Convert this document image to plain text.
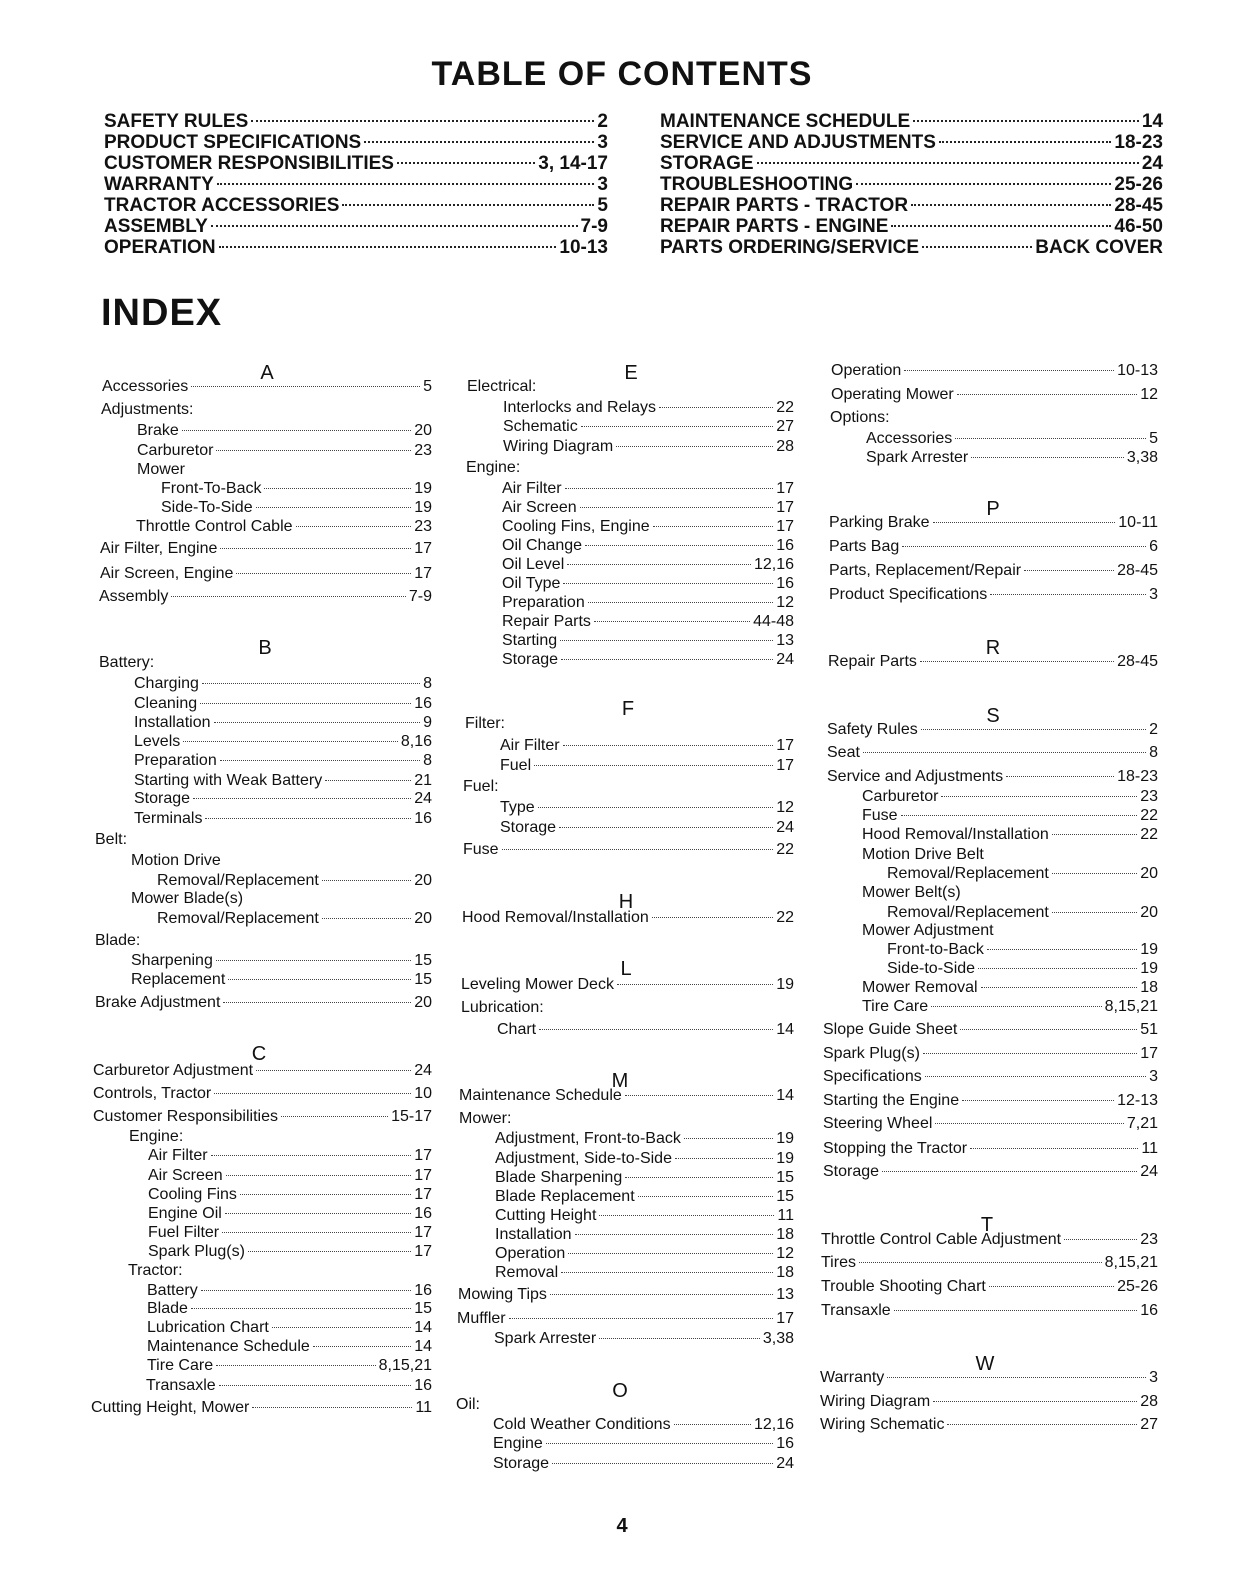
TABLE OF CONTENTS
SAFETY RULES	2
PRODUCT SPECIFICATIONS	3
CUSTOMER RESPONSIBILITIES	3, 14-17
WARRANTY	3
TRACTOR ACCESSORIES	5
ASSEMBLY	7-9
OPERATION	10-13
MAINTENANCE SCHEDULE	14
SERVICE AND ADJUSTMENTS	18-23
STORAGE	24
TROUBLESHOOTING	25-26
REPAIR PARTS - TRACTOR	28-45
REPAIR PARTS - ENGINE	46-50
PARTS ORDERING/SERVICE	BACK COVER
INDEX
A
Accessories	5
Adjustments:
Brake	20
Carburetor	23
Mower
Front-To-Back	19
Side-To-Side	19
Throttle Control Cable	23
Air Filter, Engine	17
Air Screen, Engine	17
Assembly	7-9
B
Battery:
Charging	8
Cleaning	16
Installation	9
Levels	8,16
Preparation	8
Starting with Weak Battery	21
Storage	24
Terminals	16
Belt:
Motion Drive
Removal/Replacement	20
Mower Blade(s)
Removal/Replacement	20
Blade:
Sharpening	15
Replacement	15
Brake Adjustment	20
C
Carburetor Adjustment	24
Controls, Tractor	10
Customer Responsibilities	15-17
Engine:
Air Filter	17
Air Screen	17
Cooling Fins	17
Engine Oil	16
Fuel Filter	17
Spark Plug(s)	17
Tractor:
Battery	16
Blade	15
Lubrication Chart	14
Maintenance Schedule	14
Tire Care	8,15,21
Transaxle	16
Cutting Height, Mower	11
E
Electrical:
Interlocks and Relays	22
Schematic	27
Wiring Diagram	28
Engine:
Air Filter	17
Air Screen	17
Cooling Fins, Engine	17
Oil Change	16
Oil Level	12,16
Oil Type	16
Preparation	12
Repair Parts	44-48
Starting	13
Storage	24
F
Filter:
Air Filter	17
Fuel	17
Fuel:
Type	12
Storage	24
Fuse	22
H
Hood Removal/Installation	22
L
Leveling Mower Deck	19
Lubrication:
Chart	14
M
Maintenance Schedule	14
Mower:
Adjustment, Front-to-Back	19
Adjustment, Side-to-Side	19
Blade Sharpening	15
Blade Replacement	15
Cutting Height	11
Installation	18
Operation	12
Removal	18
Mowing Tips	13
Muffler	17
Spark Arrester	3,38
O
Oil:
Cold Weather Conditions	12,16
Engine	16
Storage	24
Operation	10-13
Operating Mower	12
Options:
Accessories	5
Spark Arrester	3,38
P
Parking Brake	10-11
Parts Bag	6
Parts, Replacement/Repair	28-45
Product Specifications	3
R
Repair Parts	28-45
S
Safety Rules	2
Seat	8
Service and Adjustments	18-23
Carburetor	23
Fuse	22
Hood Removal/Installation	22
Motion Drive Belt
Removal/Replacement	20
Mower Belt(s)
Removal/Replacement	20
Mower Adjustment
Front-to-Back	19
Side-to-Side	19
Mower Removal	18
Tire Care	8,15,21
Slope Guide Sheet	51
Spark Plug(s)	17
Specifications	3
Starting the Engine	12-13
Steering Wheel	7,21
Stopping the Tractor	11
Storage	24
T
Throttle Control Cable Adjustment	23
Tires	8,15,21
Trouble Shooting Chart	25-26
Transaxle	16
W
Warranty	3
Wiring Diagram	28
Wiring Schematic	27
4
